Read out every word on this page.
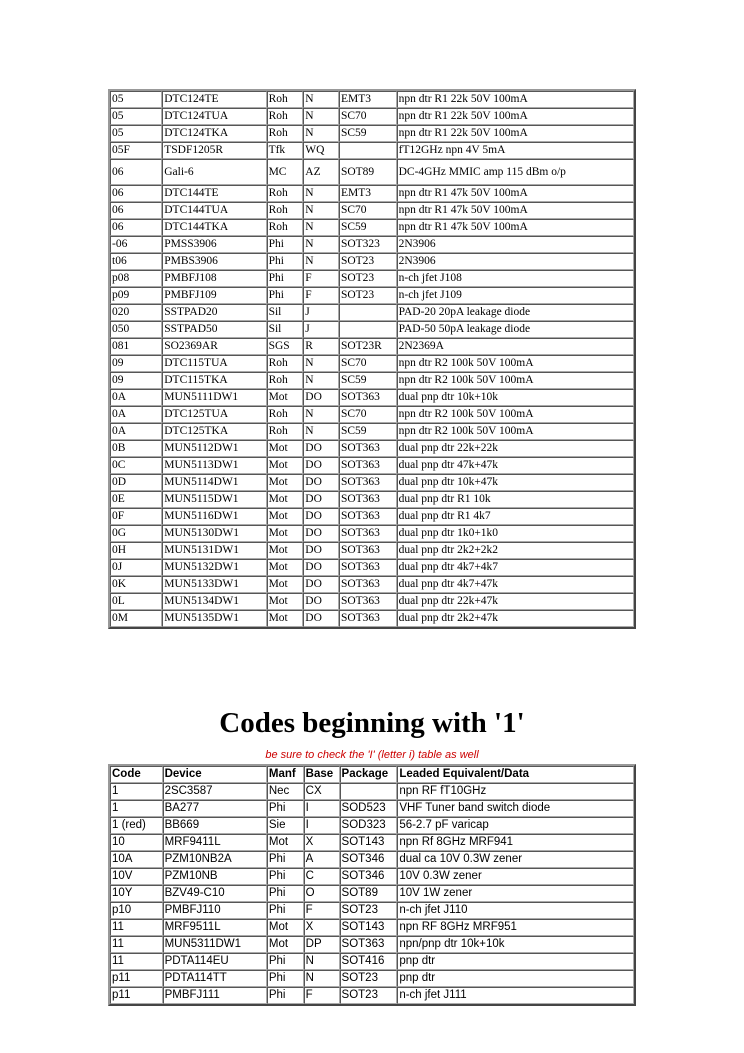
05	DTC124TE	Roh	N	EMT3	npn dtr R1 22k 50V 100mA
05	DTC124TUA	Roh	N	SC70	npn dtr R1 22k 50V 100mA
05	DTC124TKA	Roh	N	SC59	npn dtr R1 22k 50V 100mA
05F	TSDF1205R	Tfk	WQ		fT12GHz npn 4V 5mA
06	Gali-6	MC	AZ	SOT89	DC-4GHz MMIC amp 115 dBm o/p
06	DTC144TE	Roh	N	EMT3	npn dtr R1 47k 50V 100mA
06	DTC144TUA	Roh	N	SC70	npn dtr R1 47k 50V 100mA
06	DTC144TKA	Roh	N	SC59	npn dtr R1 47k 50V 100mA
-06	PMSS3906	Phi	N	SOT323	2N3906
t06	PMBS3906	Phi	N	SOT23	2N3906
p08	PMBFJ108	Phi	F	SOT23	n-ch jfet J108
p09	PMBFJ109	Phi	F	SOT23	n-ch jfet J109
020	SSTPAD20	Sil	J		PAD-20 20pA leakage diode
050	SSTPAD50	Sil	J		PAD-50 50pA leakage diode
081	SO2369AR	SGS	R	SOT23R	2N2369A
09	DTC115TUA	Roh	N	SC70	npn dtr R2 100k 50V 100mA
09	DTC115TKA	Roh	N	SC59	npn dtr R2 100k 50V 100mA
0A	MUN5111DW1	Mot	DO	SOT363	dual pnp dtr 10k+10k
0A	DTC125TUA	Roh	N	SC70	npn dtr R2 100k 50V 100mA
0A	DTC125TKA	Roh	N	SC59	npn dtr R2 100k 50V 100mA
0B	MUN5112DW1	Mot	DO	SOT363	dual pnp dtr 22k+22k
0C	MUN5113DW1	Mot	DO	SOT363	dual pnp dtr 47k+47k
0D	MUN5114DW1	Mot	DO	SOT363	dual pnp dtr 10k+47k
0E	MUN5115DW1	Mot	DO	SOT363	dual pnp dtr R1 10k
0F	MUN5116DW1	Mot	DO	SOT363	dual pnp dtr R1 4k7
0G	MUN5130DW1	Mot	DO	SOT363	dual pnp dtr 1k0+1k0
0H	MUN5131DW1	Mot	DO	SOT363	dual pnp dtr 2k2+2k2
0J	MUN5132DW1	Mot	DO	SOT363	dual pnp dtr 4k7+4k7
0K	MUN5133DW1	Mot	DO	SOT363	dual pnp dtr 4k7+47k
0L	MUN5134DW1	Mot	DO	SOT363	dual pnp dtr 22k+47k
0M	MUN5135DW1	Mot	DO	SOT363	dual pnp dtr 2k2+47k
Codes beginning with '1'
be sure to check the 'I' (letter i) table as well
Code	Device	Manf	Base	Package	Leaded Equivalent/Data
1	2SC3587	Nec	CX		npn RF fT10GHz
1	BA277	Phi	I	SOD523	VHF Tuner band switch diode
1 (red)	BB669	Sie	I	SOD323	56-2.7 pF varicap
10	MRF9411L	Mot	X	SOT143	npn Rf 8GHz MRF941
10A	PZM10NB2A	Phi	A	SOT346	dual ca 10V 0.3W zener
10V	PZM10NB	Phi	C	SOT346	10V 0.3W zener
10Y	BZV49-C10	Phi	O	SOT89	10V 1W zener
p10	PMBFJ110	Phi	F	SOT23	n-ch jfet J110
11	MRF9511L	Mot	X	SOT143	npn RF 8GHz MRF951
11	MUN5311DW1	Mot	DP	SOT363	npn/pnp dtr 10k+10k
11	PDTA114EU	Phi	N	SOT416	pnp dtr
p11	PDTA114TT	Phi	N	SOT23	pnp dtr
p11	PMBFJ111	Phi	F	SOT23	n-ch jfet J111
